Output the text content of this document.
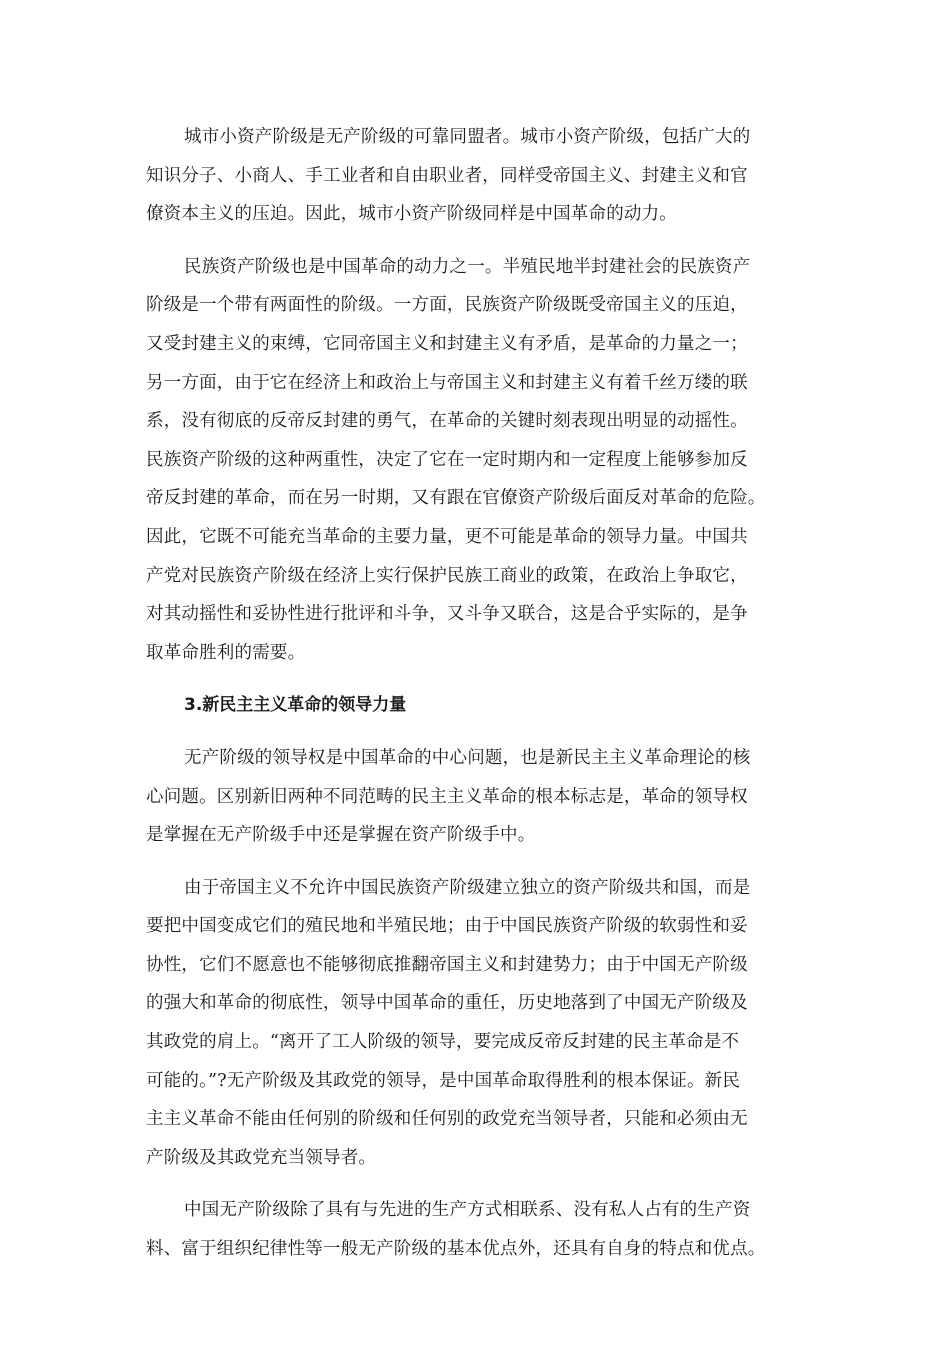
城市小资产阶级是无产阶级的可靠同盟者。城市小资产阶级，包括广大的
知识分子、小商人、手工业者和自由职业者，同样受帝国主义、封建主义和官
僚资本主义的压迫。因此，城市小资产阶级同样是中国革命的动力。

民族资产阶级也是中国革命的动力之一。半殖民地半封建社会的民族资产
阶级是一个带有两面性的阶级。一方面，民族资产阶级既受帝国主义的压迫，
又受封建主义的束缚，它同帝国主义和封建主义有矛盾，是革命的力量之一；
另一方面，由于它在经济上和政治上与帝国主义和封建主义有着千丝万缕的联
系，没有彻底的反帝反封建的勇气，在革命的关键时刻表现出明显的动摇性。
民族资产阶级的这种两重性，决定了它在一定时期内和一定程度上能够参加反
帝反封建的革命，而在另一时期，又有跟在官僚资产阶级后面反对革命的危险。
因此，它既不可能充当革命的主要力量，更不可能是革命的领导力量。中国共
产党对民族资产阶级在经济上实行保护民族工商业的政策，在政治上争取它，
对其动摇性和妥协性进行批评和斗争，又斗争又联合，这是合乎实际的，是争
取革命胜利的需要。

3.新民主主义革命的领导力量

无产阶级的领导权是中国革命的中心问题，也是新民主主义革命理论的核
心问题。区别新旧两种不同范畴的民主主义革命的根本标志是，革命的领导权
是掌握在无产阶级手中还是掌握在资产阶级手中。

由于帝国主义不允许中国民族资产阶级建立独立的资产阶级共和国，而是
要把中国变成它们的殖民地和半殖民地；由于中国民族资产阶级的软弱性和妥
协性，它们不愿意也不能够彻底推翻帝国主义和封建势力；由于中国无产阶级
的强大和革命的彻底性，领导中国革命的重任，历史地落到了中国无产阶级及
其政党的肩上。“离开了工人阶级的领导，要完成反帝反封建的民主革命是不
可能的。”?无产阶级及其政党的领导，是中国革命取得胜利的根本保证。新民
主主义革命不能由任何别的阶级和任何别的政党充当领导者，只能和必须由无
产阶级及其政党充当领导者。

中国无产阶级除了具有与先进的生产方式相联系、没有私人占有的生产资
料、富于组织纪律性等一般无产阶级的基本优点外，还具有自身的特点和优点。
